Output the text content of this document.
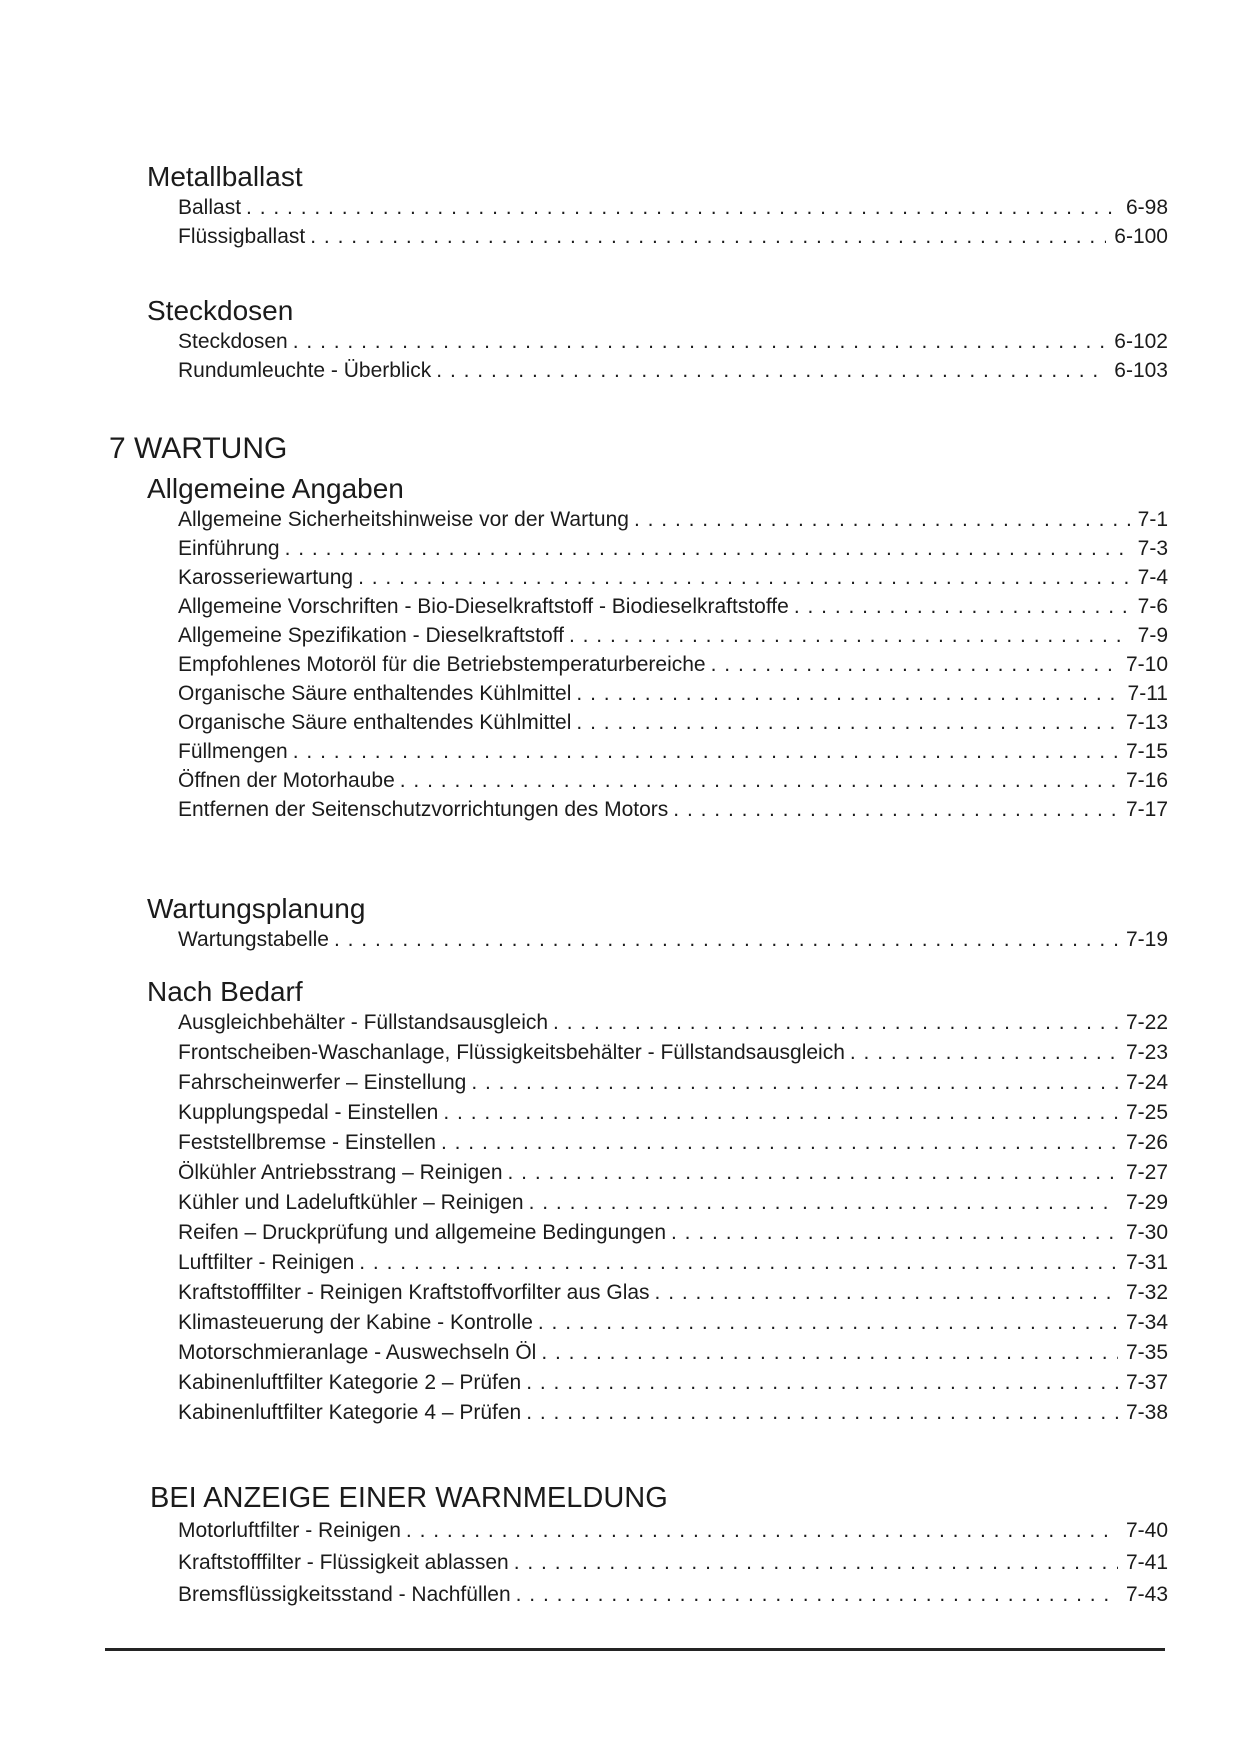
Metallballast
Ballast . . .	6-98
Flüssigballast . . .	6-100
Steckdosen
Steckdosen . . .	6-102
Rundumleuchte - Überblick . . .	6-103
7 WARTUNG
Allgemeine Angaben
Allgemeine Sicherheitshinweise vor der Wartung . . .	7-1
Einführung . . .	7-3
Karosseriewartung . . .	7-4
Allgemeine Vorschriften - Bio-Dieselkraftstoff - Biodieselkraftstoffe . . .	7-6
Allgemeine Spezifikation - Dieselkraftstoff . . .	7-9
Empfohlenes Motoröl für die Betriebstemperaturbereiche . . .	7-10
Organische Säure enthaltendes Kühlmittel . . .	7-11
Organische Säure enthaltendes Kühlmittel . . .	7-13
Füllmengen . . .	7-15
Öffnen der Motorhaube . . .	7-16
Entfernen der Seitenschutzvorrichtungen des Motors . . .	7-17
Wartungsplanung
Wartungstabelle . . .	7-19
Nach Bedarf
Ausgleichbehälter - Füllstandsausgleich . . .	7-22
Frontscheiben-Waschanlage, Flüssigkeitsbehälter - Füllstandsausgleich . . .	7-23
Fahrscheinwerfer – Einstellung . . .	7-24
Kupplungspedal - Einstellen . . .	7-25
Feststellbremse - Einstellen . . .	7-26
Ölkühler Antriebsstrang – Reinigen . . .	7-27
Kühler und Ladeluftkühler – Reinigen . . .	7-29
Reifen – Druckprüfung und allgemeine Bedingungen . . .	7-30
Luftfilter - Reinigen . . .	7-31
Kraftstofffilter - Reinigen Kraftstoffvorfilter aus Glas . . .	7-32
Klimasteuerung der Kabine - Kontrolle . . .	7-34
Motorschmieranlage - Auswechseln Öl . . .	7-35
Kabinenluftfilter Kategorie 2 – Prüfen . . .	7-37
Kabinenluftfilter Kategorie 4 – Prüfen . . .	7-38
BEI ANZEIGE EINER WARNMELDUNG
Motorluftfilter - Reinigen . . .	7-40
Kraftstofffilter - Flüssigkeit ablassen . . .	7-41
Bremsflüssigkeitsstand - Nachfüllen . . .	7-43
